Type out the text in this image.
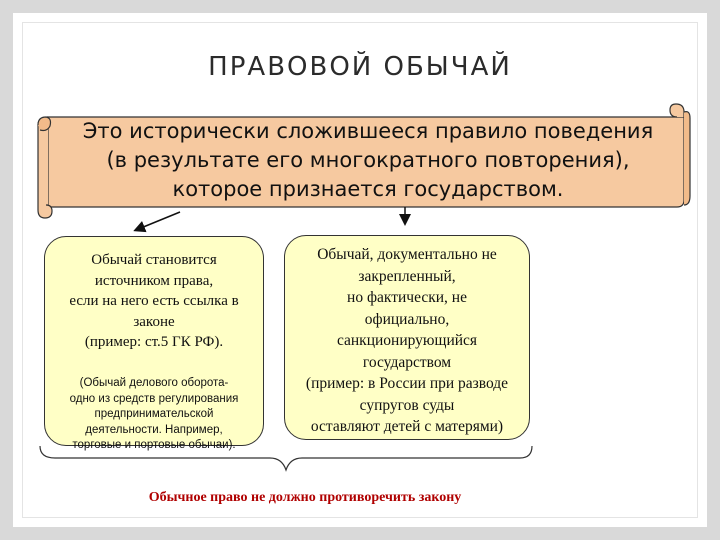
ПРАВОВОЙ ОБЫЧАЙ
Это исторически сложившееся правило поведения
(в результате его многократного повторения),
которое признается государством.
Обычай становится
источником права,
если на него есть ссылка в
законе
(пример: ст.5 ГК РФ).
(Обычай делового оборота-
одно из средств регулирования
предпринимательской
деятельности. Например,
торговые и портовые обычаи).
Обычай, документально не
закрепленный,
но фактически, не
официально,
санкционирующийся
государством
(пример: в России при разводе
супругов суды
оставляют детей с матерями)
Обычное право не должно противоречить закону
